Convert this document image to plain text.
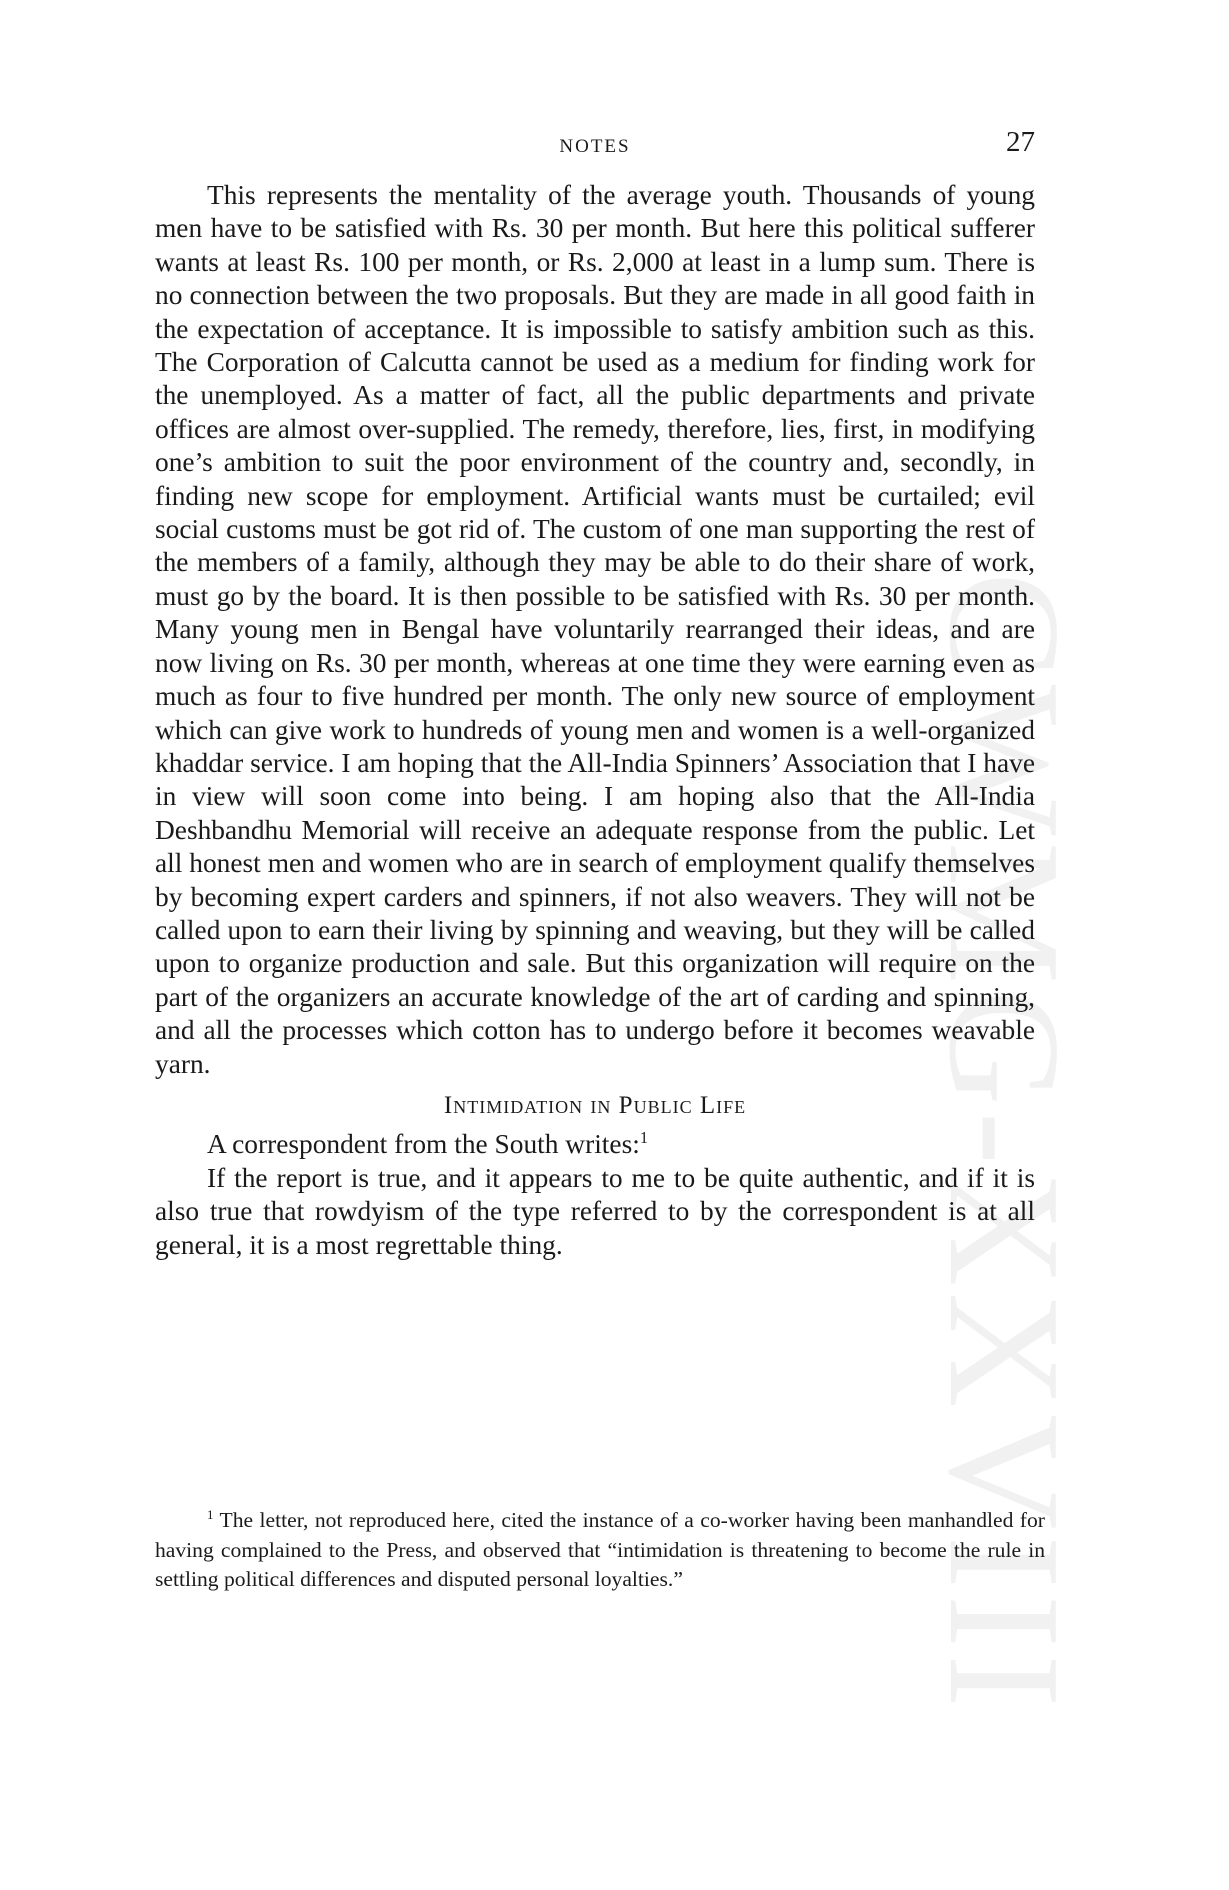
CWMG-XXVIII
NOTES	27

This represents the mentality of the average youth. Thousands of young men have to be satisfied with Rs. 30 per month. But here this political sufferer wants at least Rs. 100 per month, or Rs. 2,000 at least in a lump sum. There is no connection between the two proposals. But they are made in all good faith in the expectation of acceptance. It is impossible to satisfy ambition such as this. The Corporation of Calcutta cannot be used as a medium for finding work for the unemployed. As a matter of fact, all the public departments and private offices are almost over-supplied. The remedy, therefore, lies, first, in modifying one’s ambition to suit the poor environment of the country and, secondly, in finding new scope for employment. Artificial wants must be curtailed; evil social customs must be got rid of. The custom of one man supporting the rest of the members of a family, although they may be able to do their share of work, must go by the board. It is then possible to be satisfied with Rs. 30 per month. Many young men in Bengal have voluntarily rearranged their ideas, and are now living on Rs. 30 per month, whereas at one time they were earning even as much as four to five hundred per month. The only new source of employment which can give work to hundreds of young men and women is a well-organized khaddar service. I am hoping that the All-India Spinners’ Association that I have in view will soon come into being. I am hoping also that the All-India Deshbandhu Memorial will receive an adequate response from the public. Let all honest men and women who are in search of employment qualify themselves by becoming expert carders and spinners, if not also weavers. They will not be called upon to earn their living by spinning and weaving, but they will be called upon to organize production and sale. But this organization will require on the part of the organizers an accurate knowledge of the art of carding and spinning, and all the processes which cotton has to undergo before it becomes weavable yarn.

Intimidation in Public Life

A correspondent from the South writes:$^1$

If the report is true, and it appears to me to be quite authentic, and if it is also true that rowdyism of the type referred to by the correspondent is at all general, it is a most regrettable thing.

$^1$ The letter, not reproduced here, cited the instance of a co-worker having been manhandled for having complained to the Press, and observed that “intimidation is threatening to become the rule in settling political differences and disputed personal loyalties.”
